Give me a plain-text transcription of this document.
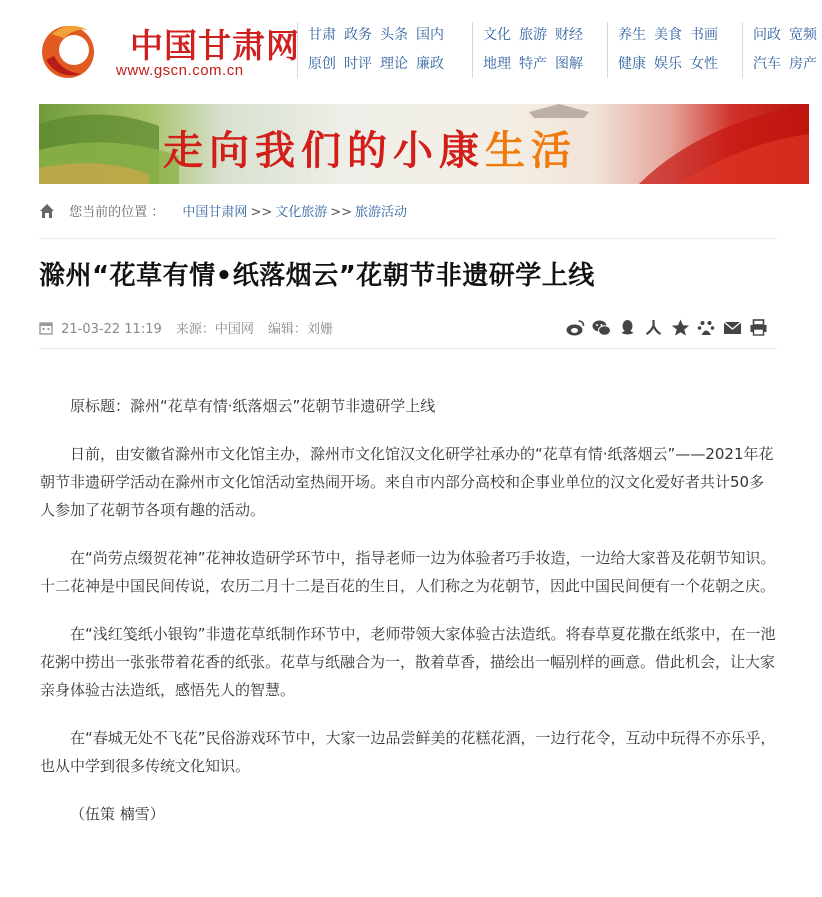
中国甘肃网
www.gscn.com.cn
甘肃 政务 头条 国内
原创 时评 理论 廉政
文化 旅游 财经
地理 特产 图解
养生 美食 书画
健康 娱乐 女性
问政 宽频
汽车 房产
走向我们的小康生活
您当前的位置 ： 中国甘肃网 >> 文化旅游 >> 旅游活动
滁州“花草有情•纸落烟云”花朝节非遗研学上线
21-03-22 11:19 来源：中国网 编辑：刘姗

原标题：滁州“花草有情·纸落烟云”花朝节非遗研学上线

日前，由安徽省滁州市文化馆主办，滁州市文化馆汉文化研学社承办的“花草有情·纸落烟云”——2021年花朝节非遗研学活动在滁州市文化馆活动室热闹开场。来自市内部分高校和企事业单位的汉文化爱好者共计50多人参加了花朝节各项有趣的活动。

在“尚劳点缀贺花神”花神妆造研学环节中，指导老师一边为体验者巧手妆造，一边给大家普及花朝节知识。十二花神是中国民间传说，农历二月十二是百花的生日，人们称之为花朝节，因此中国民间便有一个花朝之庆。

在“浅红笺纸小银钩”非遗花草纸制作环节中，老师带领大家体验古法造纸。将春草夏花撒在纸浆中，在一池花粥中捞出一张张带着花香的纸张。花草与纸融合为一，散着草香，描绘出一幅别样的画意。借此机会，让大家亲身体验古法造纸，感悟先人的智慧。

在“春城无处不飞花”民俗游戏环节中，大家一边品尝鲜美的花糕花酒，一边行花令，互动中玩得不亦乐乎，也从中学到很多传统文化知识。

（伍策 楠雪）
